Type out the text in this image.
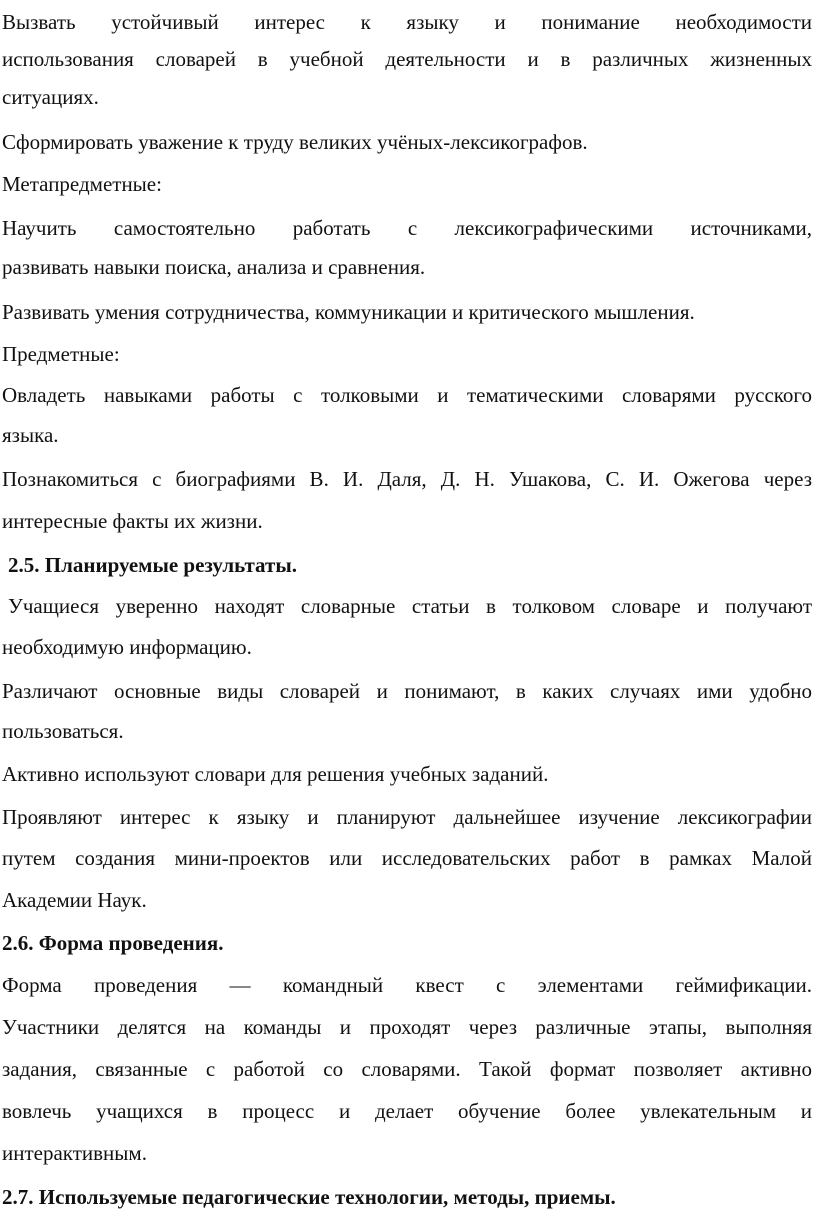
Вызвать устойчивый интерес к языку и понимание необходимости
использования словарей в учебной деятельности и в различных жизненных
ситуациях.
Сформировать уважение к труду великих учёных-лексикографов.
Метапредметные:
Научить самостоятельно работать с лексикографическими источниками,
развивать навыки поиска, анализа и сравнения.
Развивать умения сотрудничества, коммуникации и критического мышления.
Предметные:
Овладеть навыками работы с толковыми и тематическими словарями русского
языка.
Познакомиться с биографиями В. И. Даля, Д. Н. Ушакова, С. И. Ожегова через
интересные факты их жизни.
2.5. Планируемые результаты.
Учащиеся уверенно находят словарные статьи в толковом словаре и получают
необходимую информацию.
Различают основные виды словарей и понимают, в каких случаях ими удобно
пользоваться.
Активно используют словари для решения учебных заданий.
Проявляют интерес к языку и планируют дальнейшее изучение лексикографии
путем создания мини-проектов или исследовательских работ в рамках Малой
Академии Наук.
2.6. Форма проведения.
Форма проведения — командный квест с элементами геймификации.
Участники делятся на команды и проходят через различные этапы, выполняя
задания, связанные с работой со словарями. Такой формат позволяет активно
вовлечь учащихся в процесс и делает обучение более увлекательным и
интерактивным.
2.7. Используемые педагогические технологии, методы, приемы.
